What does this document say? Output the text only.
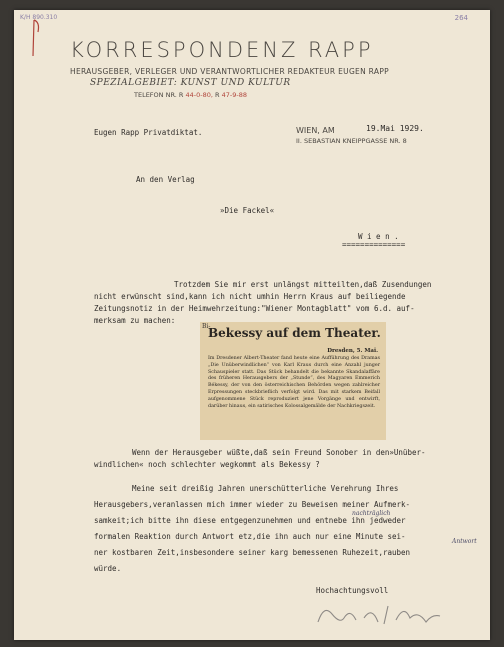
K/H 890.310	264
KORRESPONDENZ RAPP
HERAUSGEBER, VERLEGER UND VERANTWORTLICHER REDAKTEUR EUGEN RAPP
SPEZIALGEBIET: KUNST UND KULTUR
TELEFON NR. R 44-0-80, R 47-9-88
Eugen Rapp Privatdiktat.	WIEN, AM	19.Mai 1929.
II. SEBASTIAN KNEIPPGASSE NR. 8
An den Verlag
»Die Fackel«
W i e n .
==============
Trotzdem Sie mir erst unlängst mitteilten,daß Zusendungen
nicht erwünscht sind,kann ich nicht umhin Herrn Kraus auf beiliegende
Zeitungsnotiz in der Heimwehrzeitung:"Wiener Montagblatt" vom 6.d. auf-
merksam zu machen:
Bi-
Bekessy auf dem Theater.
Dresden, 5. Mai.
Im Dresdener Albert-Theater fand heute eine Aufführung des Dramas „Die Unüberwindlichen“ von Karl Kraus durch eine Anzahl junger Schauspieler statt. Das Stück behandelt die bekannte Skandalaffäre des früheren Herausgebers der „Stunde“, des Magyaren Emmerich Békessy, der von den österreichischen Behörden wegen zahlreicher Erpressungen steckbrieflich verfolgt wird. Das mit starkem Beifall aufgenommene Stück reproduziert jene Vorgänge und entwirft, darüber hinaus, ein satirisches Kolossalgemälde der Nachkriegszeit.
Wenn der Herausgeber wüßte,daß sein Freund Sonober in den»Unüber-
windlichen« noch schlechter wegkommt als Bekessy ?
Meine seit dreißig Jahren unerschütterliche Verehrung Ihres
Herausgebers,veranlassen mich immer wieder zu Beweisen meiner Aufmerk-
samkeit;ich bitte ihn diese entgegenzunehmen und entnebe ihn jedweder
formalen Reaktion durch Antwort etz,die ihn auch nur eine Minute sei-
ner kostbaren Zeit,insbesondere seiner karg bemessenen Ruhezeit,rauben
würde.
nachträglich
Antwort
Hochachtungsvoll
